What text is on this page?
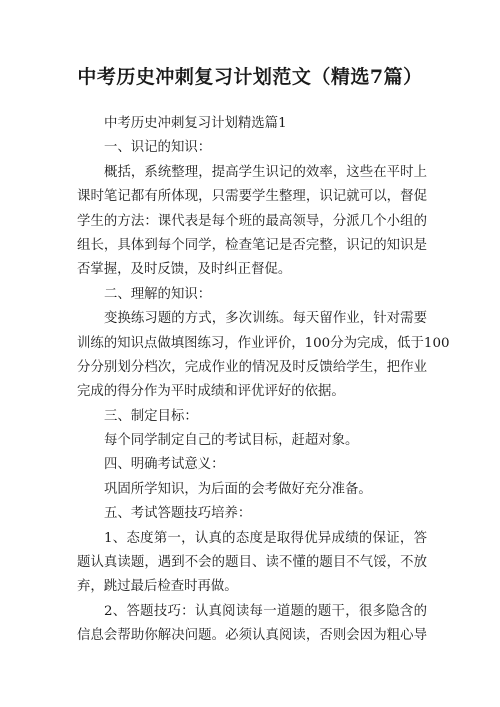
中考历史冲刺复习计划范文（精选7篇）
中考历史冲刺复习计划精选篇1
一、识记的知识：
概括，系统整理，提高学生识记的效率，这些在平时上
课时笔记都有所体现，只需要学生整理，识记就可以，督促
学生的方法：课代表是每个班的最高领导，分派几个小组的
组长，具体到每个同学，检查笔记是否完整，识记的知识是
否掌握，及时反馈，及时纠正督促。
二、理解的知识：
变换练习题的方式，多次训练。每天留作业，针对需要
训练的知识点做填图练习，作业评价，100分为完成，低于100
分分别划分档次，完成作业的情况及时反馈给学生，把作业
完成的得分作为平时成绩和评优评好的依据。
三、制定目标：
每个同学制定自己的考试目标，赶超对象。
四、明确考试意义：
巩固所学知识，为后面的会考做好充分准备。
五、考试答题技巧培养：
1、态度第一，认真的态度是取得优异成绩的保证，答
题认真读题，遇到不会的题目、读不懂的题目不气馁，不放
弃，跳过最后检查时再做。
2、答题技巧：认真阅读每一道题的题干，很多隐含的
信息会帮助你解决问题。必须认真阅读，否则会因为粗心导
